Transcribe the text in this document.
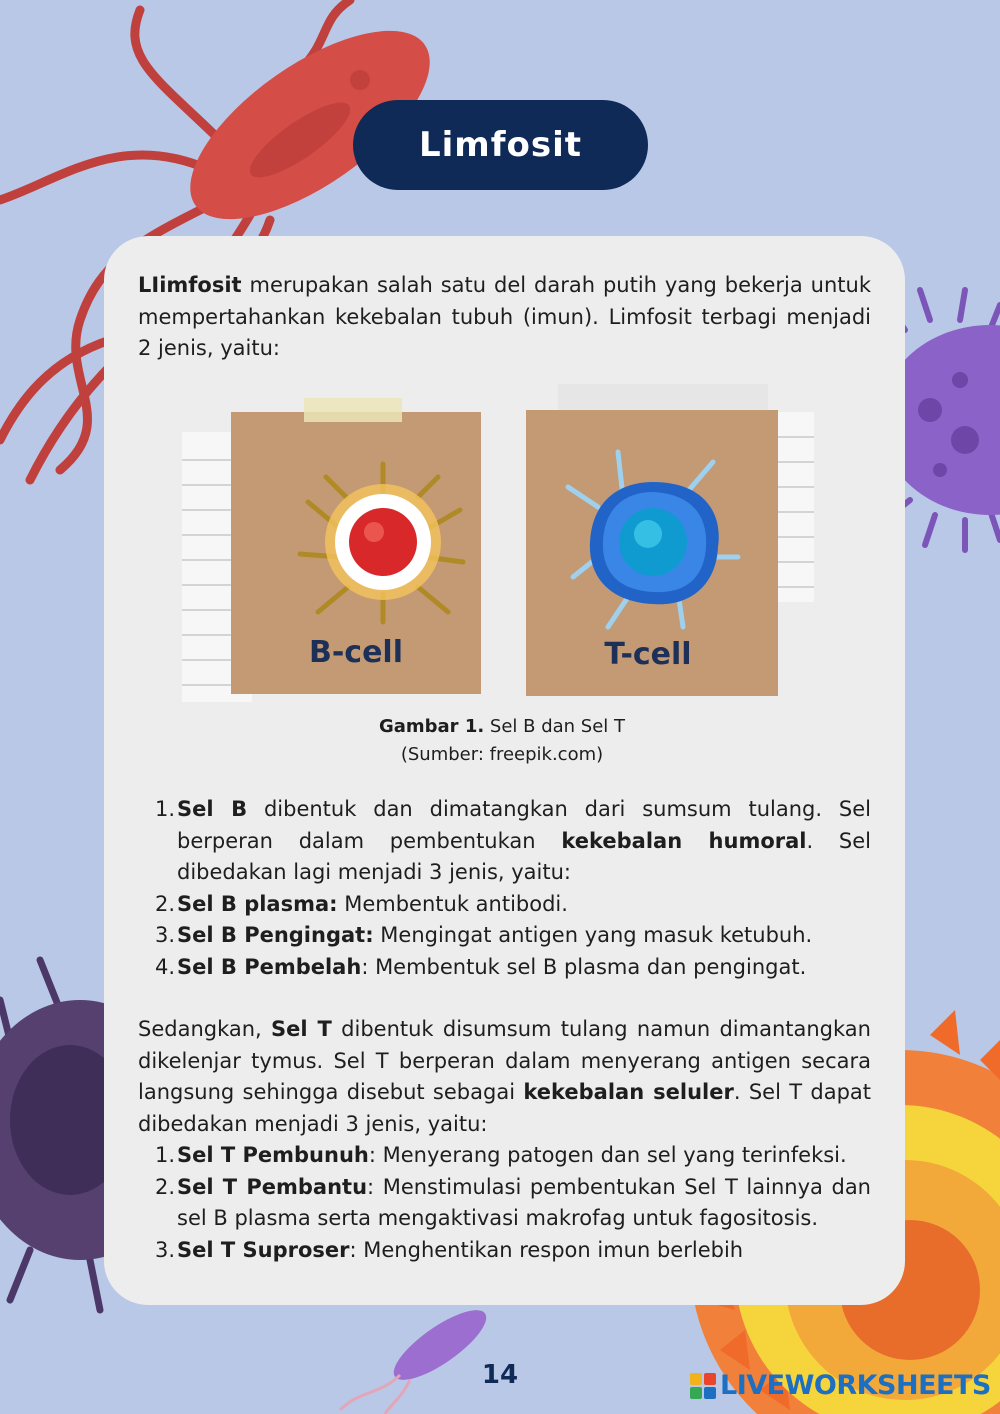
Limfosit

LIimfosit merupakan salah satu del darah putih yang bekerja untuk mempertahankan kekebalan tubuh (imun). Limfosit terbagi menjadi 2 jenis, yaitu:

B-cell	T-cell
Gambar 1. Sel B dan Sel T
(Sumber: freepik.com)
1. Sel B dibentuk dan dimatangkan dari sumsum tulang. Sel berperan dalam pembentukan kekebalan humoral. Sel dibedakan lagi menjadi 3 jenis, yaitu:
2. Sel B plasma: Membentuk antibodi.
3. Sel B Pengingat: Mengingat antigen yang masuk ketubuh.
4. Sel B Pembelah: Membentuk sel B plasma dan pengingat.

Sedangkan, Sel T dibentuk disumsum tulang namun dimantangkan dikelenjar tymus. Sel T berperan dalam menyerang antigen secara langsung sehingga disebut sebagai kekebalan seluler. Sel T dapat dibedakan menjadi 3 jenis, yaitu:

1. Sel T Pembunuh: Menyerang patogen dan sel yang terinfeksi.
2. Sel T Pembantu: Menstimulasi pembentukan Sel T lainnya dan sel B plasma serta mengaktivasi makrofag untuk fagositosis.
3. Sel T Suproser: Menghentikan respon imun berlebih
14	LIVEWORKSHEETS
